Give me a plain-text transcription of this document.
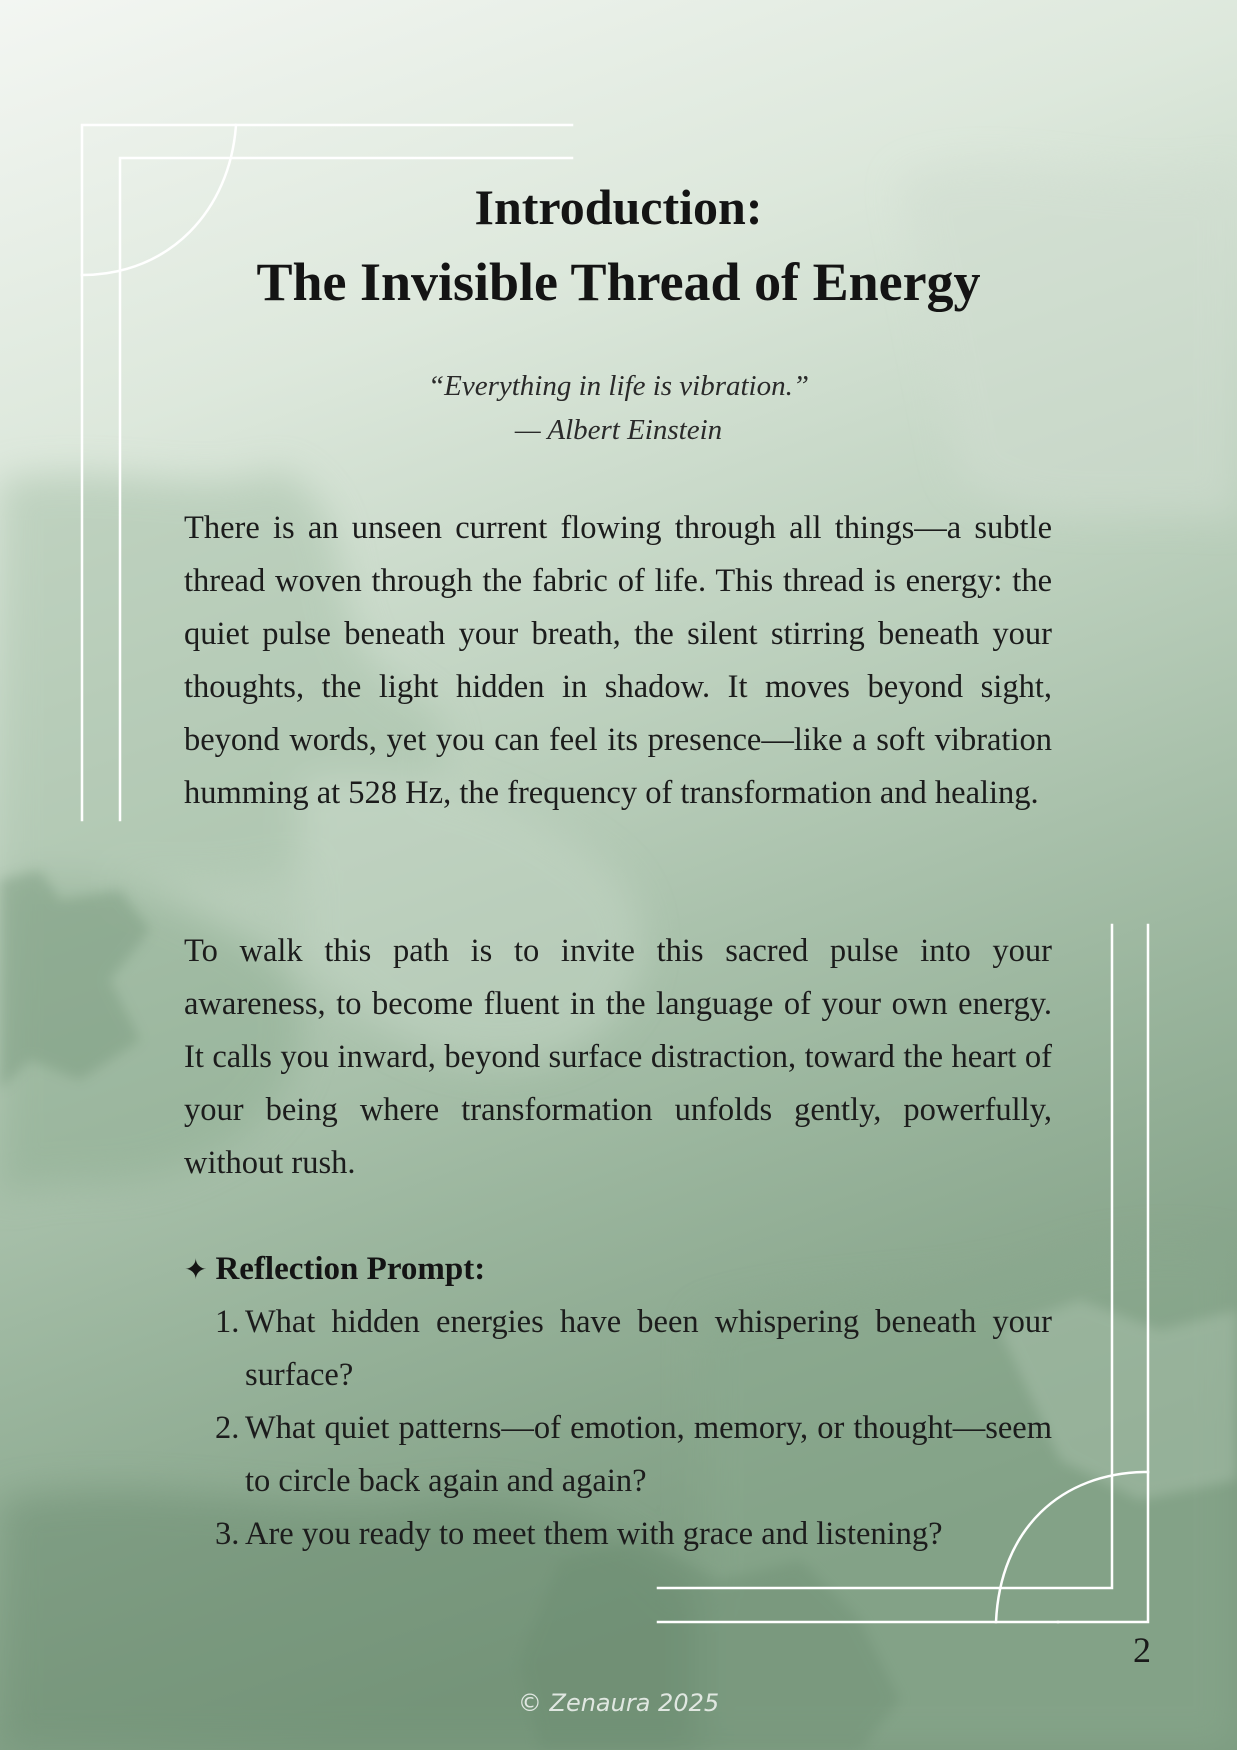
Introduction:
The Invisible Thread of Energy
“Everything in life is vibration.”
— Albert Einstein

There is an unseen current flowing through all things—a subtle thread woven through the fabric of life. This thread is energy: the quiet pulse beneath your breath, the silent stirring beneath your thoughts, the light hidden in shadow. It moves beyond sight, beyond words, yet you can feel its presence—like a soft vibration humming at 528 Hz, the frequency of transformation and healing.

To walk this path is to invite this sacred pulse into your awareness, to become fluent in the language of your own energy. It calls you inward, beyond surface distraction, toward the heart of your being where transformation unfolds gently, powerfully, without rush.

✦ Reflection Prompt:
1. What hidden energies have been whispering beneath your surface?
2. What quiet patterns—of emotion, memory, or thought—seem to circle back again and again?
3. Are you ready to meet them with grace and listening?
2
© Zenaura 2025
